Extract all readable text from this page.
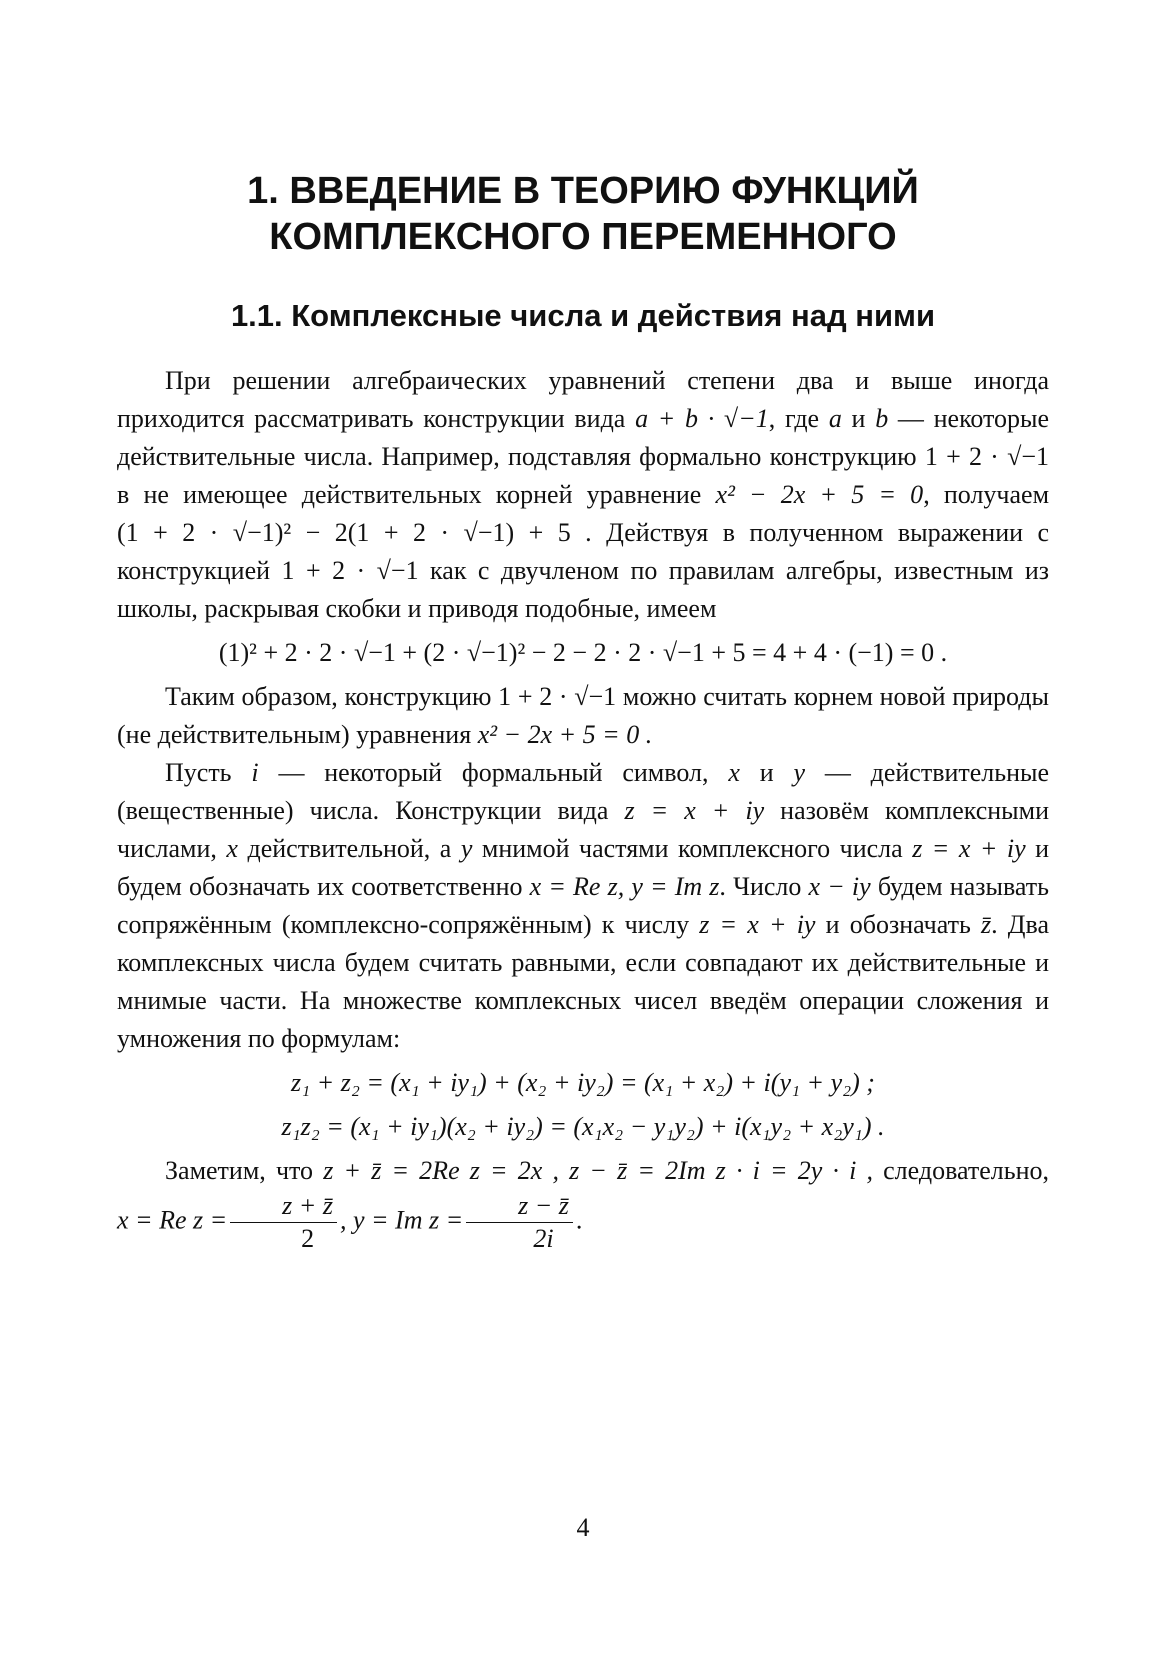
1. ВВЕДЕНИЕ В ТЕОРИЮ ФУНКЦИЙ
КОМПЛЕКСНОГО ПЕРЕМЕННОГО
1.1. Комплексные числа и действия над ними

При решении алгебраических уравнений степени два и выше иногда приходится рассматривать конструкции вида a + b · √−1, где a и b — некоторые действительные числа. Например, подставляя формально конструкцию 1 + 2 · √−1 в не имеющее действительных корней уравнение x² − 2x + 5 = 0, получаем (1 + 2 · √−1)² − 2(1 + 2 · √−1) + 5 . Действуя в полученном выражении с конструкцией 1 + 2 · √−1 как с двучленом по правилам алгебры, известным из школы, раскрывая скобки и приводя подобные, имеем

(1)² + 2 · 2 · √−1 + (2 · √−1)² − 2 − 2 · 2 · √−1 + 5 = 4 + 4 · (−1) = 0 .

Таким образом, конструкцию 1 + 2 · √−1 можно считать корнем новой природы (не действительным) уравнения x² − 2x + 5 = 0 .

Пусть i — некоторый формальный символ, x и y — действительные (вещественные) числа. Конструкции вида z = x + iy назовём комплексными числами, x действительной, а y мнимой частями комплексного числа z = x + iy и будем обозначать их соответственно x = Re z, y = Im z. Число x − iy будем называть сопряжённым (комплексно-сопряжённым) к числу z = x + iy и обозначать z̄. Два комплексных числа будем считать равными, если совпадают их действительные и мнимые части. На множестве комплексных чисел введём операции сложения и умножения по формулам:

z₁ + z₂ = (x₁ + iy₁) + (x₂ + iy₂) = (x₁ + x₂) + i(y₁ + y₂) ;

z₁z₂ = (x₁ + iy₁)(x₂ + iy₂) = (x₁x₂ − y₁y₂) + i(x₁y₂ + x₂y₁) .

Заметим, что z + z̄ = 2Re z = 2x , z − z̄ = 2Im z · i = 2y · i , следовательно, x = Re $z = \frac{z + z̄}{2}$ , y = Im $z = \frac{z - z̄}{2i}$ .

4
